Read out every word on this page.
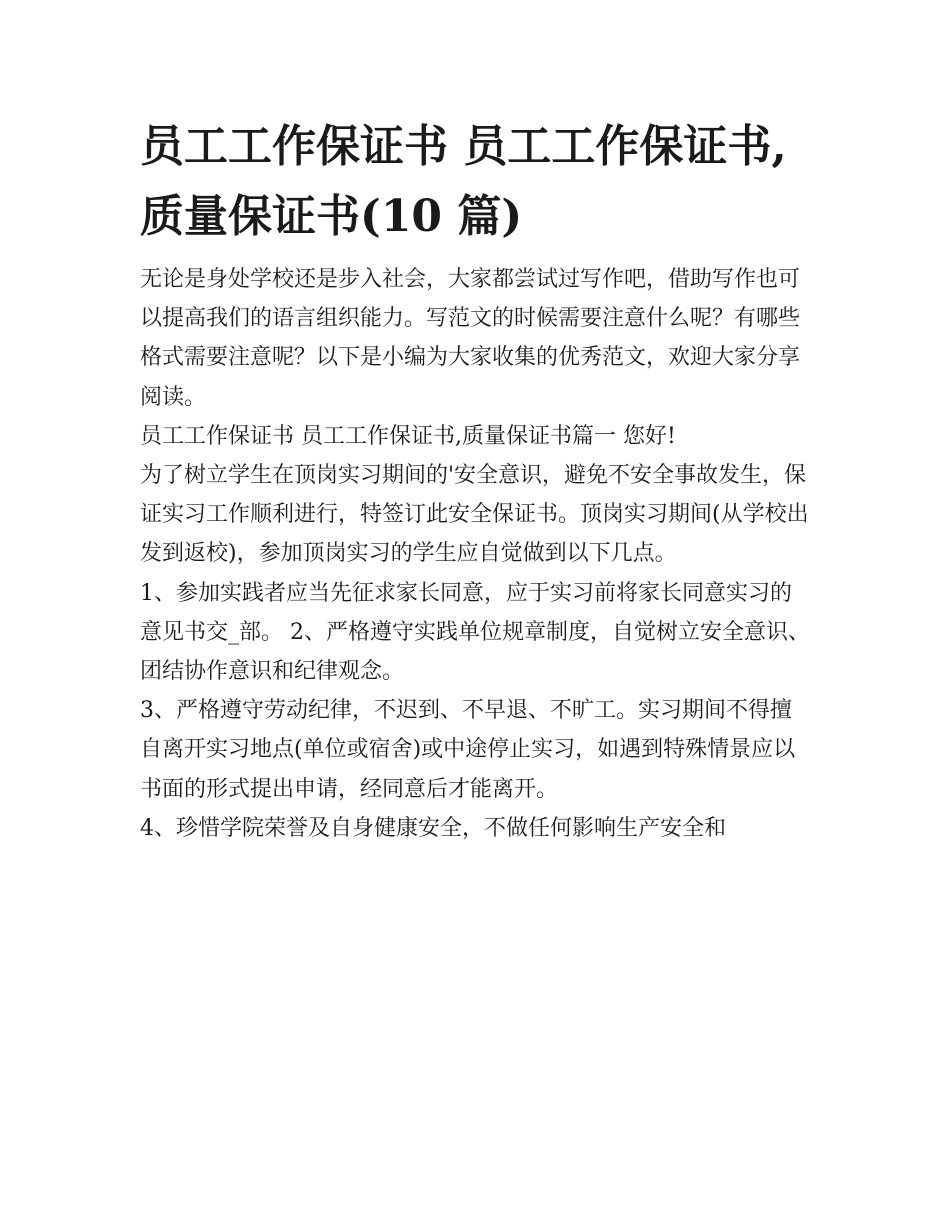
员工工作保证书 员工工作保证书,质量保证书(10 篇)

无论是身处学校还是步入社会，大家都尝试过写作吧，借助写作也可以提高我们的语言组织能力。写范文的时候需要注意什么呢？有哪些格式需要注意呢？以下是小编为大家收集的优秀范文，欢迎大家分享阅读。

员工工作保证书 员工工作保证书,质量保证书篇一 您好!

为了树立学生在顶岗实习期间的'安全意识，避免不安全事故发生，保证实习工作顺利进行，特签订此安全保证书。顶岗实习期间(从学校出发到返校)，参加顶岗实习的学生应自觉做到以下几点。

1、参加实践者应当先征求家长同意，应于实习前将家长同意实习的意见书交_部。 2、严格遵守实践单位规章制度，自觉树立安全意识、团结协作意识和纪律观念。

3、严格遵守劳动纪律，不迟到、不早退、不旷工。实习期间不得擅自离开实习地点(单位或宿舍)或中途停止实习，如遇到特殊情景应以书面的形式提出申请，经同意后才能离开。

4、珍惜学院荣誉及自身健康安全，不做任何影响生产安全和
